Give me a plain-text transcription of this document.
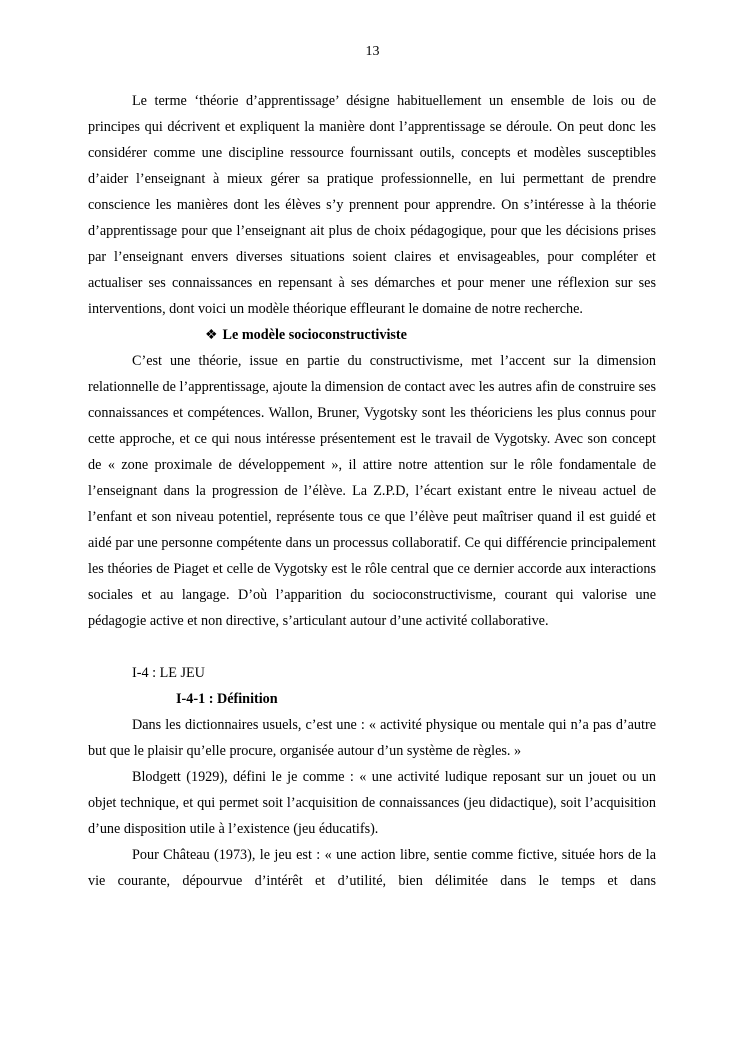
13

Le terme ‘théorie d’apprentissage’ désigne habituellement un ensemble de lois ou de principes qui décrivent et expliquent la manière dont l’apprentissage se déroule. On peut donc les considérer comme une discipline ressource fournissant outils, concepts et modèles susceptibles d’aider l’enseignant à mieux gérer sa pratique professionnelle, en lui permettant de prendre conscience les manières dont les élèves s’y prennent pour apprendre. On s’intéresse à la théorie d’apprentissage pour que l’enseignant ait plus de choix pédagogique, pour que les décisions prises par l’enseignant envers diverses situations soient claires et envisageables, pour compléter et actualiser ses connaissances en repensant à ses démarches et pour mener une réflexion sur ses interventions, dont voici un modèle théorique effleurant le domaine de notre recherche.

❖ Le modèle socioconstructiviste

C’est une théorie, issue en partie du constructivisme, met l’accent sur la dimension relationnelle de l’apprentissage, ajoute la dimension de contact avec les autres afin de construire ses connaissances et compétences. Wallon, Bruner, Vygotsky sont les théoriciens les plus connus pour cette approche, et ce qui nous intéresse présentement est le travail de Vygotsky. Avec son concept de « zone proximale de développement », il attire notre attention sur le rôle fondamentale de l’enseignant dans la progression de l’élève. La Z.P.D, l’écart existant entre le niveau actuel de l’enfant et son niveau potentiel, représente tous ce que l’élève peut maîtriser quand il est guidé et aidé par une personne compétente dans un processus collaboratif. Ce qui différencie principalement les théories de Piaget et celle de Vygotsky est le rôle central que ce dernier accorde aux interactions sociales et au langage. D’où l’apparition du socioconstructivisme, courant qui valorise une pédagogie active et non directive, s’articulant autour d’une activité collaborative.

I-4 : LE JEU
I-4-1 : Définition

Dans les dictionnaires usuels, c’est une : « activité physique ou mentale qui n’a pas d’autre but que le plaisir qu’elle procure, organisée autour d’un système de règles. »

Blodgett (1929), défini le je comme : « une activité ludique reposant sur un jouet ou un objet technique, et qui permet soit l’acquisition de connaissances (jeu didactique), soit l’acquisition d’une disposition utile à l’existence (jeu éducatifs).

Pour Château (1973), le jeu est : « une action libre, sentie comme fictive, située hors de la vie courante, dépourvue d’intérêt et d’utilité, bien délimitée dans le temps et dans
